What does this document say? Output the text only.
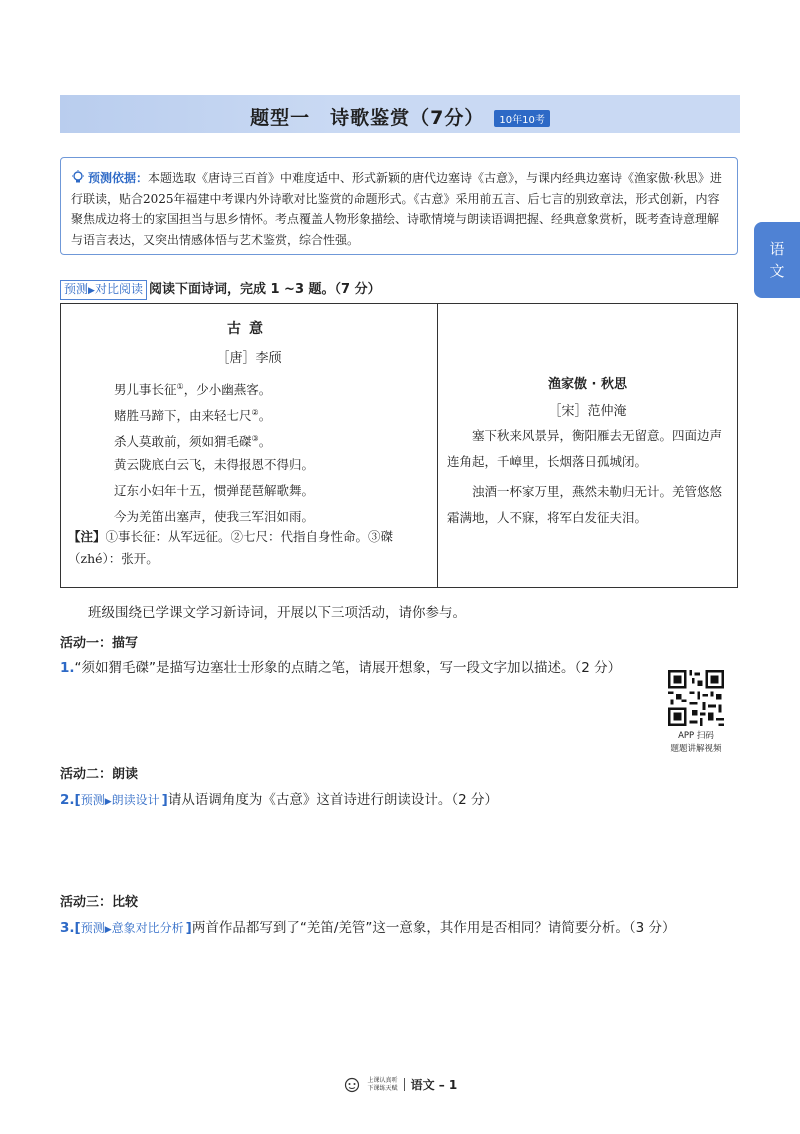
题型一　诗歌鉴赏（7分） 10年10考
语
文
预测依据：本题选取《唐诗三百首》中难度适中、形式新颖的唐代边塞诗《古意》，与课内经典边塞诗《渔家傲·秋思》进行联读，贴合2025年福建中考课内外诗歌对比鉴赏的命题形式。《古意》采用前五言、后七言的别致章法，形式创新，内容聚焦成边将士的家国担当与思乡情怀。考点覆盖人物形象描绘、诗歌情境与朗读语调把握、经典意象赏析，既考查诗意理解与语言表达，又突出情感体悟与艺术鉴赏，综合性强。
预测▶对比阅读 阅读下面诗词，完成 1 ~3 题。（7 分）
古意
［唐］李颀
男儿事长征①，少小幽燕客。
赌胜马蹄下，由来轻七尺②。
杀人莫敢前，须如猬毛磔③。
黄云陇底白云飞，未得报恩不得归。
辽东小妇年十五，惯弹琵琶解歌舞。
今为羌笛出塞声，使我三军泪如雨。
【注】①事长征：从军远征。②七尺：代指自身性命。③磔（zhé）：张开。
渔家傲 · 秋思
［宋］范仲淹
塞下秋来风景异，衡阳雁去无留意。四面边声连角起，千嶂里，长烟落日孤城闭。
浊酒一杯家万里，燕然未勒归无计。羌管悠悠霜满地，人不寐，将军白发征夫泪。
班级围绕已学课文学习新诗词，开展以下三项活动，请你参与。
活动一：描写
1.“须如猬毛磔”是描写边塞壮士形象的点睛之笔，请展开想象，写一段文字加以描述。（2 分）
APP 扫码
题题讲解视频
活动二：朗读
2.[预测▶朗读设计 ]请从语调角度为《古意》这首诗进行朗读设计。（2 分）
活动三：比较
3.[预测▶意象对比分析 ]两首作品都写到了“羌笛/羌管”这一意象，其作用是否相同？请简要分析。（3 分）
上课认真听
下课练天赋 语文 – 1
